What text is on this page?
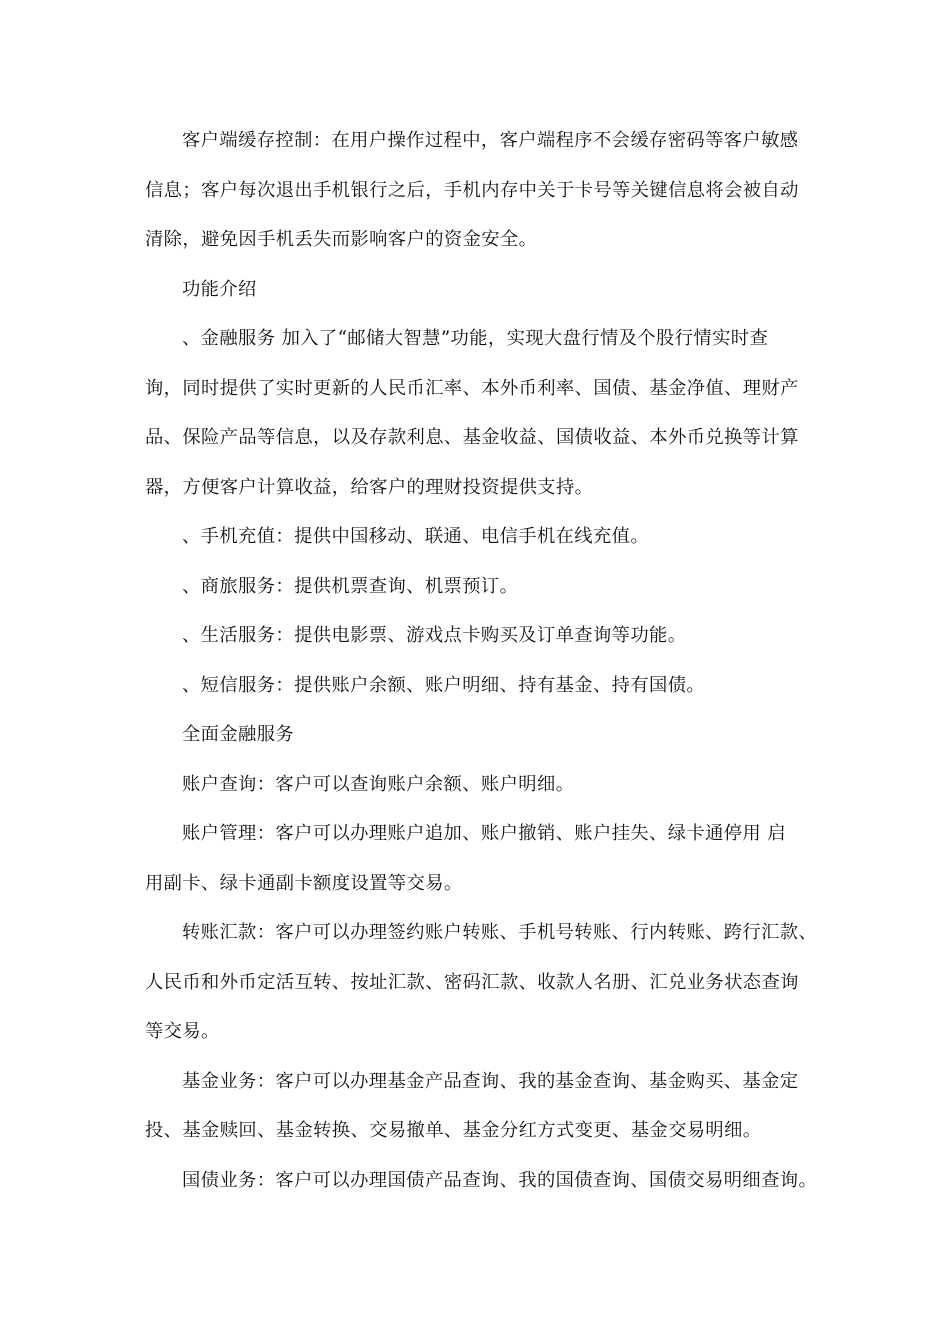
客户端缓存控制：在用户操作过程中，客户端程序不会缓存密码等客户敏感
信息；客户每次退出手机银行之后，手机内存中关于卡号等关键信息将会被自动
清除，避免因手机丢失而影响客户的资金安全。
功能介绍
、金融服务 加入了“邮储大智慧”功能，实现大盘行情及个股行情实时查
询，同时提供了实时更新的人民币汇率、本外币利率、国债、基金净值、理财产
品、保险产品等信息，以及存款利息、基金收益、国债收益、本外币兑换等计算
器，方便客户计算收益，给客户的理财投资提供支持。
、手机充值：提供中国移动、联通、电信手机在线充值。
、商旅服务：提供机票查询、机票预订。
、生活服务：提供电影票、游戏点卡购买及订单查询等功能。
、短信服务：提供账户余额、账户明细、持有基金、持有国债。
全面金融服务
账户查询：客户可以查询账户余额、账户明细。
账户管理：客户可以办理账户追加、账户撤销、账户挂失、绿卡通停用 启
用副卡、绿卡通副卡额度设置等交易。
转账汇款：客户可以办理签约账户转账、手机号转账、行内转账、跨行汇款、
人民币和外币定活互转、按址汇款、密码汇款、收款人名册、汇兑业务状态查询
等交易。
基金业务：客户可以办理基金产品查询、我的基金查询、基金购买、基金定
投、基金赎回、基金转换、交易撤单、基金分红方式变更、基金交易明细。
国债业务：客户可以办理国债产品查询、我的国债查询、国债交易明细查询。
